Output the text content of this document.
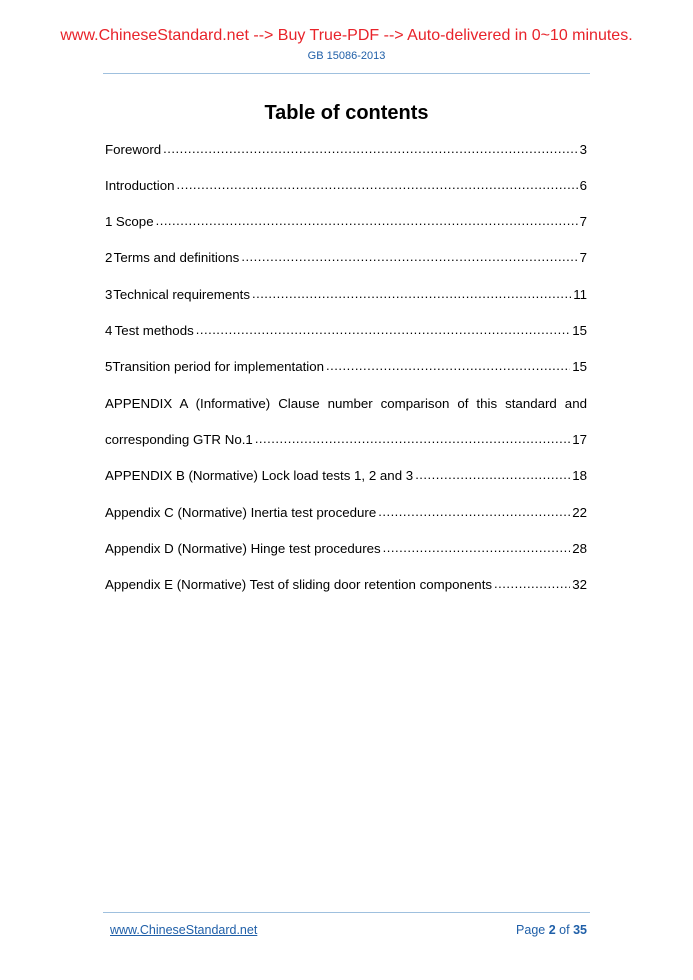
www.ChineseStandard.net --> Buy True-PDF --> Auto-delivered in 0~10 minutes.
GB 15086-2013
Table of contents
Foreword .....	3
Introduction .....	6
1 Scope .....	7
2 Terms and definitions .....	7
3 Technical requirements .....	11
4 Test methods .....	15
5 Transition period for implementation .....	15
APPENDIX A (Informative) Clause number comparison of this standard and
corresponding GTR No.1 .....	17
APPENDIX B (Normative) Lock load tests 1, 2 and 3 .....	18
Appendix C (Normative) Inertia test procedure .....	22
Appendix D (Normative) Hinge test procedures .....	28
Appendix E (Normative) Test of sliding door retention components .....	32
www.ChineseStandard.net	Page 2 of 35
